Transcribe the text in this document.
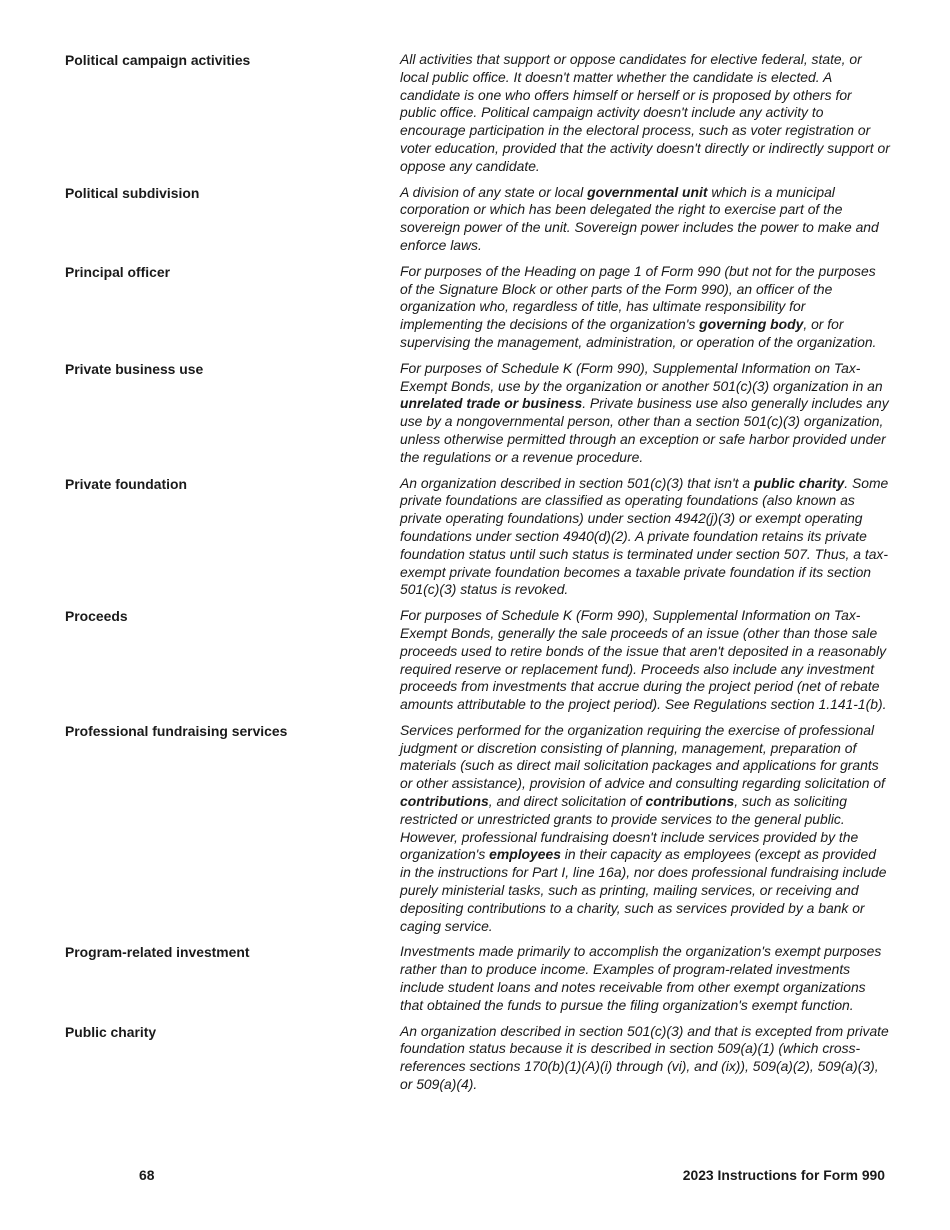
Political campaign activities	All activities that support or oppose candidates for elective federal, state, or local public office. It doesn't matter whether the candidate is elected. A candidate is one who offers himself or herself or is proposed by others for public office. Political campaign activity doesn't include any activity to encourage participation in the electoral process, such as voter registration or voter education, provided that the activity doesn't directly or indirectly support or oppose any candidate.
Political subdivision	A division of any state or local governmental unit which is a municipal corporation or which has been delegated the right to exercise part of the sovereign power of the unit. Sovereign power includes the power to make and enforce laws.
Principal officer	For purposes of the Heading on page 1 of Form 990 (but not for the purposes of the Signature Block or other parts of the Form 990), an officer of the organization who, regardless of title, has ultimate responsibility for implementing the decisions of the organization's governing body, or for supervising the management, administration, or operation of the organization.
Private business use	For purposes of Schedule K (Form 990), Supplemental Information on Tax-Exempt Bonds, use by the organization or another 501(c)(3) organization in an unrelated trade or business. Private business use also generally includes any use by a nongovernmental person, other than a section 501(c)(3) organization, unless otherwise permitted through an exception or safe harbor provided under the regulations or a revenue procedure.
Private foundation	An organization described in section 501(c)(3) that isn't a public charity. Some private foundations are classified as operating foundations (also known as private operating foundations) under section 4942(j)(3) or exempt operating foundations under section 4940(d)(2). A private foundation retains its private foundation status until such status is terminated under section 507. Thus, a tax-exempt private foundation becomes a taxable private foundation if its section 501(c)(3) status is revoked.
Proceeds	For purposes of Schedule K (Form 990), Supplemental Information on Tax-Exempt Bonds, generally the sale proceeds of an issue (other than those sale proceeds used to retire bonds of the issue that aren't deposited in a reasonably required reserve or replacement fund). Proceeds also include any investment proceeds from investments that accrue during the project period (net of rebate amounts attributable to the project period). See Regulations section 1.141-1(b).
Professional fundraising services	Services performed for the organization requiring the exercise of professional judgment or discretion consisting of planning, management, preparation of materials (such as direct mail solicitation packages and applications for grants or other assistance), provision of advice and consulting regarding solicitation of contributions, and direct solicitation of contributions, such as soliciting restricted or unrestricted grants to provide services to the general public. However, professional fundraising doesn't include services provided by the organization's employees in their capacity as employees (except as provided in the instructions for Part I, line 16a), nor does professional fundraising include purely ministerial tasks, such as printing, mailing services, or receiving and depositing contributions to a charity, such as services provided by a bank or caging service.
Program-related investment	Investments made primarily to accomplish the organization's exempt purposes rather than to produce income. Examples of program-related investments include student loans and notes receivable from other exempt organizations that obtained the funds to pursue the filing organization's exempt function.
Public charity	An organization described in section 501(c)(3) and that is excepted from private foundation status because it is described in section 509(a)(1) (which cross-references sections 170(b)(1)(A)(i) through (vi), and (ix)), 509(a)(2), 509(a)(3), or 509(a)(4).
68	2023 Instructions for Form 990
